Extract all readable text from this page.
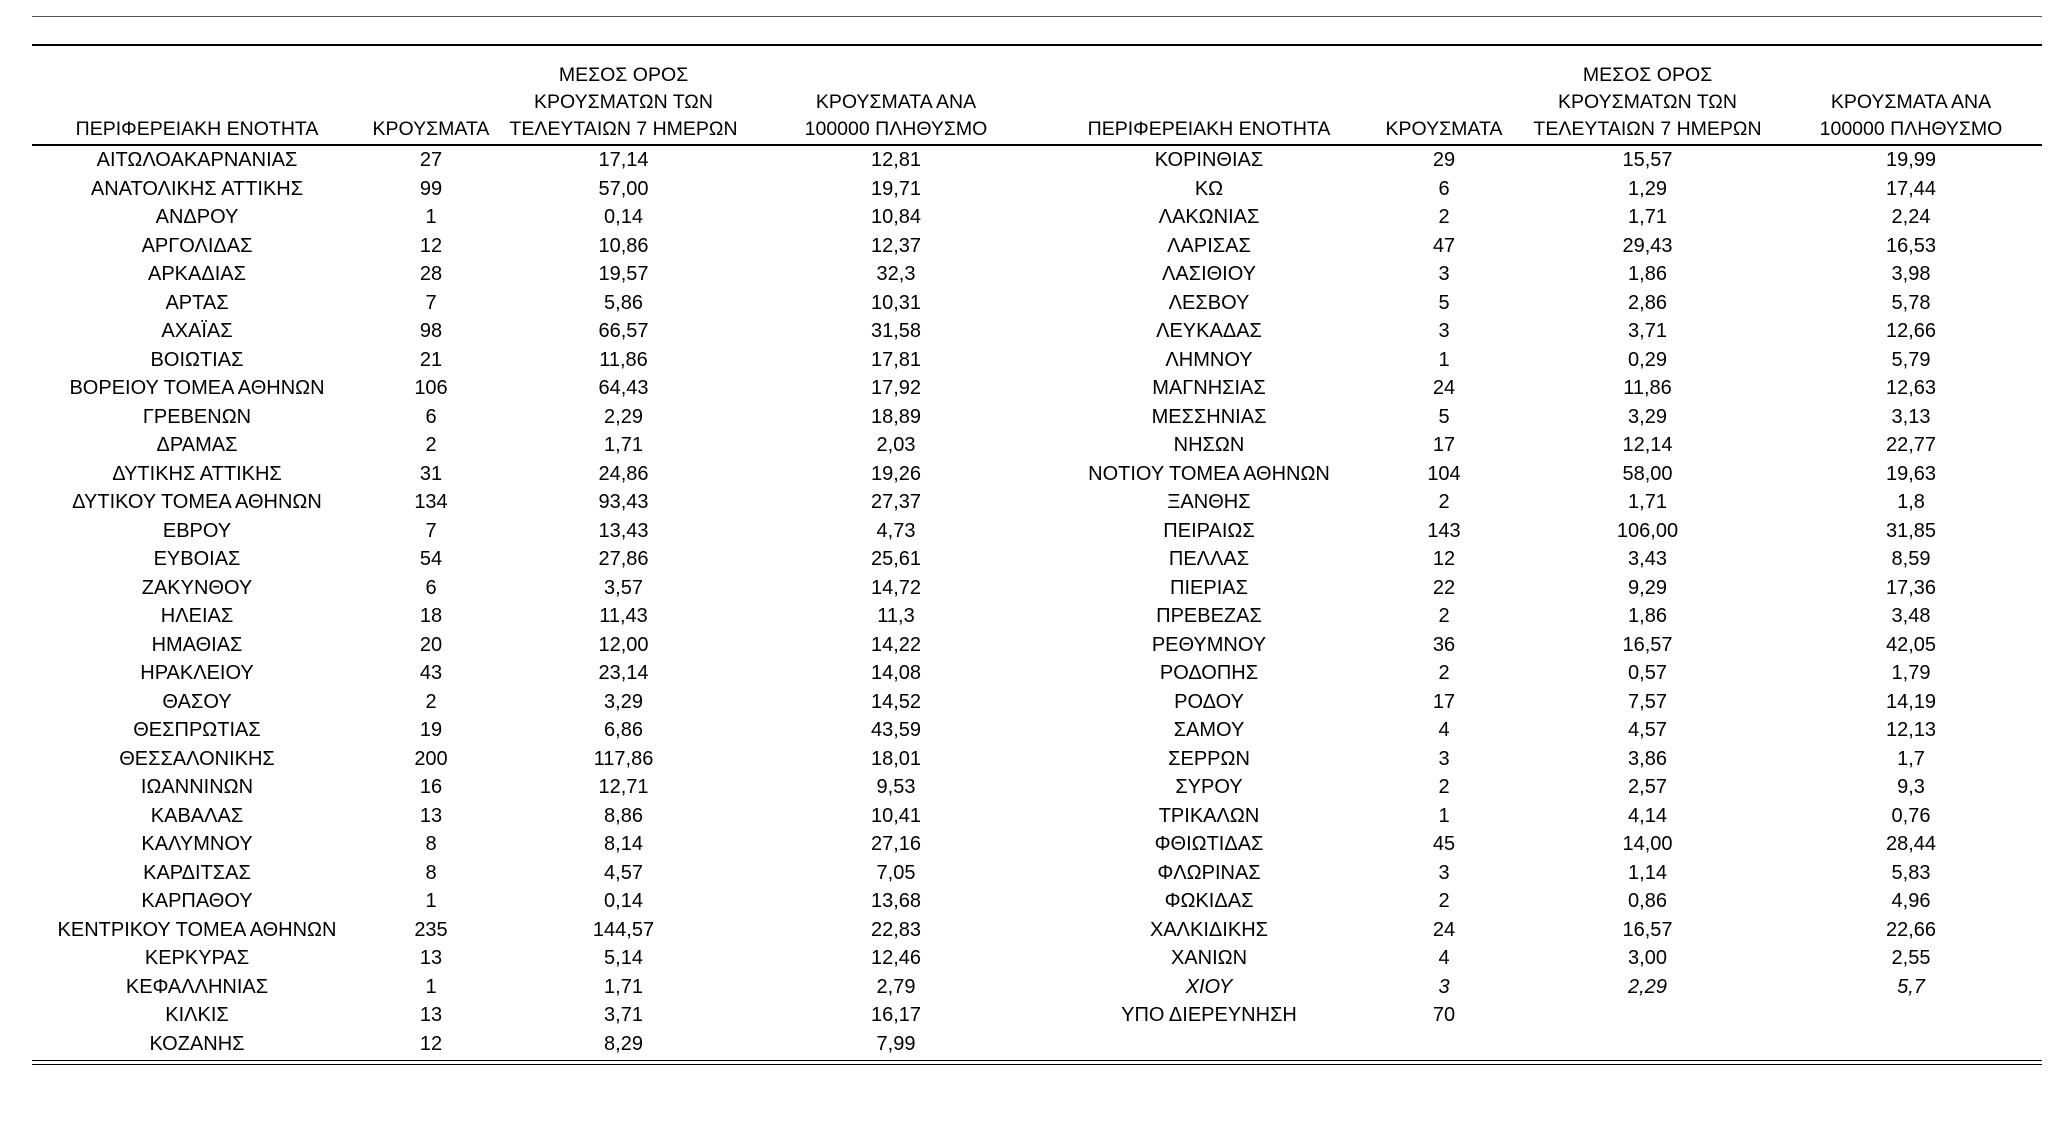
ΠΕΡΙΦΕΡΕΙΑΚΗ ΕΝΟΤΗΤΑ	ΚΡΟΥΣΜΑΤΑ	ΜΕΣΟΣ ΟΡΟΣ
ΚΡΟΥΣΜΑΤΩΝ ΤΩΝ
ΤΕΛΕΥΤΑΙΩΝ 7 ΗΜΕΡΩΝ	ΚΡΟΥΣΜΑΤΑ ΑΝΑ
100000 ΠΛΗΘΥΣΜΟ	ΠΕΡΙΦΕΡΕΙΑΚΗ ΕΝΟΤΗΤΑ	ΚΡΟΥΣΜΑΤΑ	ΜΕΣΟΣ ΟΡΟΣ
ΚΡΟΥΣΜΑΤΩΝ ΤΩΝ
ΤΕΛΕΥΤΑΙΩΝ 7 ΗΜΕΡΩΝ	ΚΡΟΥΣΜΑΤΑ ΑΝΑ
100000 ΠΛΗΘΥΣΜΟ
ΑΙΤΩΛΟΑΚΑΡΝΑΝΙΑΣ	27	17,14	12,81	ΚΟΡΙΝΘΙΑΣ	29	15,57	19,99
ΑΝΑΤΟΛΙΚΗΣ ΑΤΤΙΚΗΣ	99	57,00	19,71	ΚΩ	6	1,29	17,44
ΑΝΔΡΟΥ	1	0,14	10,84	ΛΑΚΩΝΙΑΣ	2	1,71	2,24
ΑΡΓΟΛΙΔΑΣ	12	10,86	12,37	ΛΑΡΙΣΑΣ	47	29,43	16,53
ΑΡΚΑΔΙΑΣ	28	19,57	32,3	ΛΑΣΙΘΙΟΥ	3	1,86	3,98
ΑΡΤΑΣ	7	5,86	10,31	ΛΕΣΒΟΥ	5	2,86	5,78
ΑΧΑΪΑΣ	98	66,57	31,58	ΛΕΥΚΑΔΑΣ	3	3,71	12,66
ΒΟΙΩΤΙΑΣ	21	11,86	17,81	ΛΗΜΝΟΥ	1	0,29	5,79
ΒΟΡΕΙΟΥ ΤΟΜΕΑ ΑΘΗΝΩΝ	106	64,43	17,92	ΜΑΓΝΗΣΙΑΣ	24	11,86	12,63
ΓΡΕΒΕΝΩΝ	6	2,29	18,89	ΜΕΣΣΗΝΙΑΣ	5	3,29	3,13
ΔΡΑΜΑΣ	2	1,71	2,03	ΝΗΣΩΝ	17	12,14	22,77
ΔΥΤΙΚΗΣ ΑΤΤΙΚΗΣ	31	24,86	19,26	ΝΟΤΙΟΥ ΤΟΜΕΑ ΑΘΗΝΩΝ	104	58,00	19,63
ΔΥΤΙΚΟΥ ΤΟΜΕΑ ΑΘΗΝΩΝ	134	93,43	27,37	ΞΑΝΘΗΣ	2	1,71	1,8
ΕΒΡΟΥ	7	13,43	4,73	ΠΕΙΡΑΙΩΣ	143	106,00	31,85
ΕΥΒΟΙΑΣ	54	27,86	25,61	ΠΕΛΛΑΣ	12	3,43	8,59
ΖΑΚΥΝΘΟΥ	6	3,57	14,72	ΠΙΕΡΙΑΣ	22	9,29	17,36
ΗΛΕΙΑΣ	18	11,43	11,3	ΠΡΕΒΕΖΑΣ	2	1,86	3,48
ΗΜΑΘΙΑΣ	20	12,00	14,22	ΡΕΘΥΜΝΟΥ	36	16,57	42,05
ΗΡΑΚΛΕΙΟΥ	43	23,14	14,08	ΡΟΔΟΠΗΣ	2	0,57	1,79
ΘΑΣΟΥ	2	3,29	14,52	ΡΟΔΟΥ	17	7,57	14,19
ΘΕΣΠΡΩΤΙΑΣ	19	6,86	43,59	ΣΑΜΟΥ	4	4,57	12,13
ΘΕΣΣΑΛΟΝΙΚΗΣ	200	117,86	18,01	ΣΕΡΡΩΝ	3	3,86	1,7
ΙΩΑΝΝΙΝΩΝ	16	12,71	9,53	ΣΥΡΟΥ	2	2,57	9,3
ΚΑΒΑΛΑΣ	13	8,86	10,41	ΤΡΙΚΑΛΩΝ	1	4,14	0,76
ΚΑΛΥΜΝΟΥ	8	8,14	27,16	ΦΘΙΩΤΙΔΑΣ	45	14,00	28,44
ΚΑΡΔΙΤΣΑΣ	8	4,57	7,05	ΦΛΩΡΙΝΑΣ	3	1,14	5,83
ΚΑΡΠΑΘΟΥ	1	0,14	13,68	ΦΩΚΙΔΑΣ	2	0,86	4,96
ΚΕΝΤΡΙΚΟΥ ΤΟΜΕΑ ΑΘΗΝΩΝ	235	144,57	22,83	ΧΑΛΚΙΔΙΚΗΣ	24	16,57	22,66
ΚΕΡΚΥΡΑΣ	13	5,14	12,46	ΧΑΝΙΩΝ	4	3,00	2,55
ΚΕΦΑΛΛΗΝΙΑΣ	1	1,71	2,79	ΧΙΟΥ	3	2,29	5,7
ΚΙΛΚΙΣ	13	3,71	16,17	ΥΠΟ ΔΙΕΡΕΥΝΗΣΗ	70		
ΚΟΖΑΝΗΣ	12	8,29	7,99				
